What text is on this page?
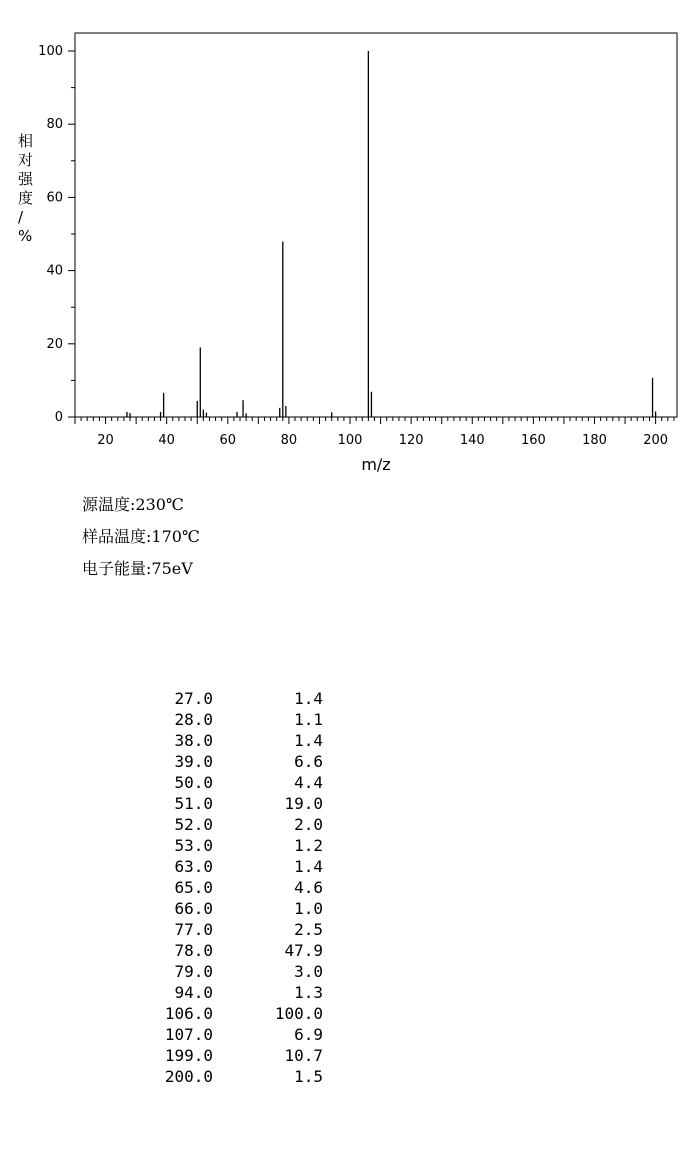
20	40	60	80	100	120	140	160	180	200
0
20
40
60
80
100
m/z
相对强度/ %
源温度:230℃
样品温度:170℃
电子能量:75eV
27.0	1.4
28.0	1.1
38.0	1.4
39.0	6.6
50.0	4.4
51.0	19.0
52.0	2.0
53.0	1.2
63.0	1.4
65.0	4.6
66.0	1.0
77.0	2.5
78.0	47.9
79.0	3.0
94.0	1.3
106.0	100.0
107.0	6.9
199.0	10.7
200.0	1.5
